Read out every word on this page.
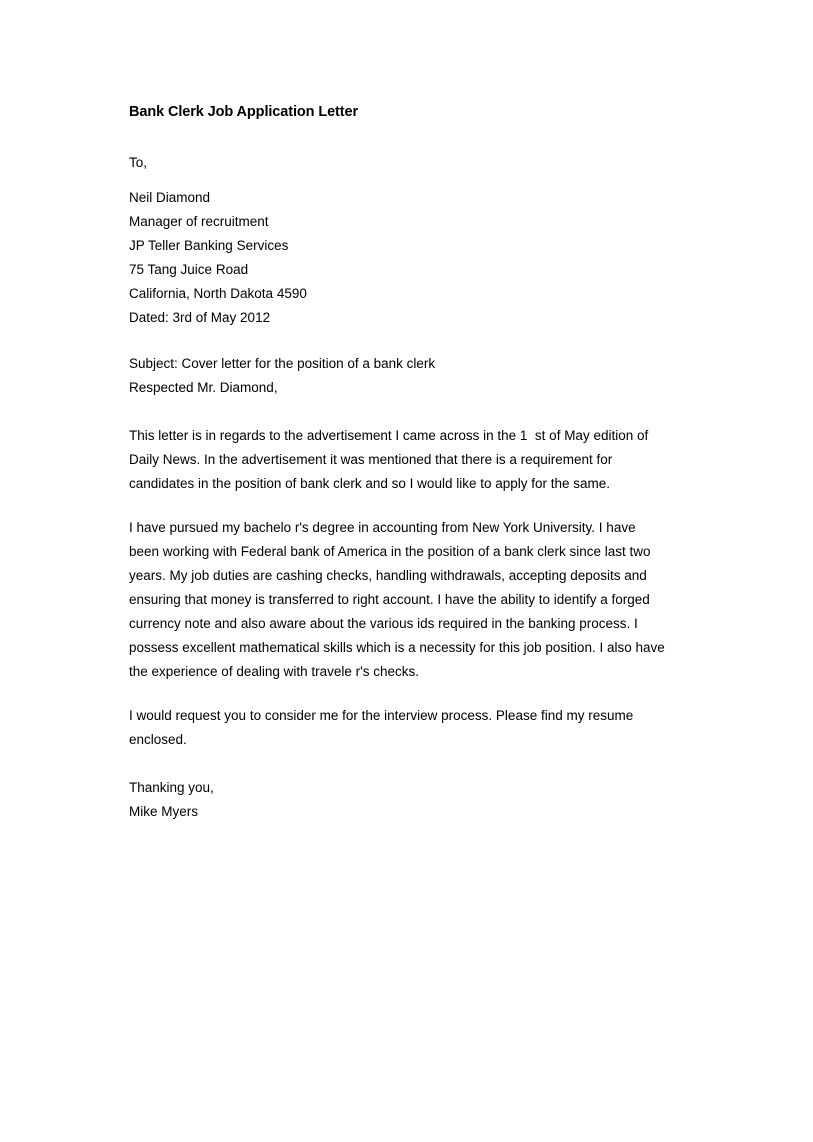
Bank Clerk Job Application Letter

To,

Neil Diamond
Manager of recruitment
JP Teller Banking Services
75 Tang Juice Road
California, North Dakota 4590
Dated: 3rd of May 2012
Subject: Cover letter for the position of a bank clerk
Respected Mr. Diamond,

This letter is in regards to the advertisement I came across in the 1  st of May edition of Daily News. In the advertisement it was mentioned that there is a requirement for candidates in the position of bank clerk and so I would like to apply for the same.

I have pursued my bachelo r's degree in accounting from New York University. I have been working with Federal bank of America in the position of a bank clerk since last two years. My job duties are cashing checks, handling withdrawals, accepting deposits and ensuring that money is transferred to right account. I have the ability to identify a forged currency note and also aware about the various ids required in the banking process. I possess excellent mathematical skills which is a necessity for this job position. I also have the experience of dealing with travele r's checks.

I would request you to consider me for the interview process. Please find my resume enclosed.

Thanking you,
Mike Myers
